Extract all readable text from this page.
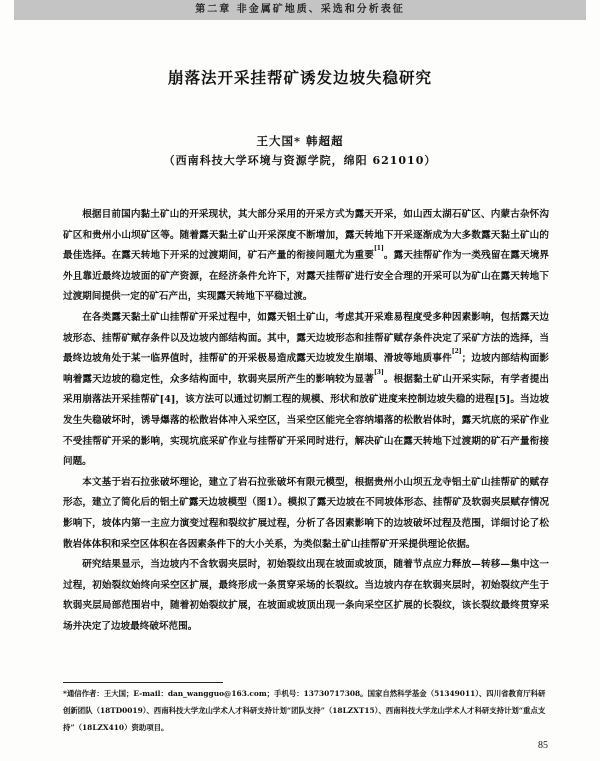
第二章 非金属矿地质、采选和分析表征
崩落法开采挂帮矿诱发边坡失稳研究
王大国* 韩超超
（西南科技大学环境与资源学院，绵阳 621010）

根据目前国内黏土矿山的开采现状，其大部分采用的开采方式为露天开采，如山西太湖石矿区、内蒙古杂怀沟矿区和贵州小山坝矿区等。随着露天黏土矿山开采深度不断增加，露天转地下开采逐渐成为大多数露天黏土矿山的最佳选择。在露天转地下开采的过渡期间，矿石产量的衔接问题尤为重要[1]。露天挂帮矿作为一类残留在露天境界外且靠近最终边坡面的矿产资源，在经济条件允许下，对露天挂帮矿进行安全合理的开采可以为矿山在露天转地下过渡期间提供一定的矿石产出，实现露天转地下平稳过渡。

在各类露天黏土矿山挂帮矿开采过程中，如露天铝土矿山，考虑其开采难易程度受多种因素影响，包括露天边坡形态、挂帮矿赋存条件以及边坡内部结构面。其中，露天边坡形态和挂帮矿赋存条件决定了采矿方法的选择，当最终边坡角处于某一临界值时，挂帮矿的开采极易造成露天边坡发生崩塌、滑坡等地质事件[2]；边坡内部结构面影响着露天边坡的稳定性，众多结构面中，软弱夹层所产生的影响较为显著[3]。根据黏土矿山开采实际，有学者提出采用崩落法开采挂帮矿[4]，该方法可以通过切割工程的规模、形状和放矿进度来控制边坡失稳的进程[5]。当边坡发生失稳破坏时，诱导爆落的松散岩体冲入采空区，当采空区能完全容纳塌落的松散岩体时，露天坑底的采矿作业不受挂帮矿开采的影响，实现坑底采矿作业与挂帮矿开采同时进行，解决矿山在露天转地下过渡期的矿石产量衔接问题。

本文基于岩石拉张破坏理论，建立了岩石拉张破坏有限元模型，根据贵州小山坝五龙寺铝土矿山挂帮矿的赋存形态，建立了简化后的铝土矿露天边坡模型（图1）。模拟了露天边坡在不同坡体形态、挂帮矿及软弱夹层赋存情况影响下，坡体内第一主应力演变过程和裂纹扩展过程，分析了各因素影响下的边坡破坏过程及范围，详细讨论了松散岩体体积和采空区体积在各因素条件下的大小关系，为类似黏土矿山挂帮矿开采提供理论依据。

研究结果显示，当边坡内不含软弱夹层时，初始裂纹出现在坡面或坡顶，随着节点应力释放—转移—集中这一过程，初始裂纹始终向采空区扩展，最终形成一条贯穿采场的长裂纹。当边坡内存在软弱夹层时，初始裂纹产生于软弱夹层局部范围岩中，随着初始裂纹扩展，在坡面或坡顶出现一条向采空区扩展的长裂纹，该长裂纹最终贯穿采场并决定了边坡最终破坏范围。

*通信作者：王大国；E-mail：dan_wangguo@163.com；手机号：13730717308。国家自然科学基金（51349011）、四川省教育厅科研创新团队（18TD0019）、西南科技大学龙山学术人才科研支持计划“团队支持”（18LZXT15）、西南科技大学龙山学术人才科研支持计划“重点支持”（18LZX410）资助项目。
85
